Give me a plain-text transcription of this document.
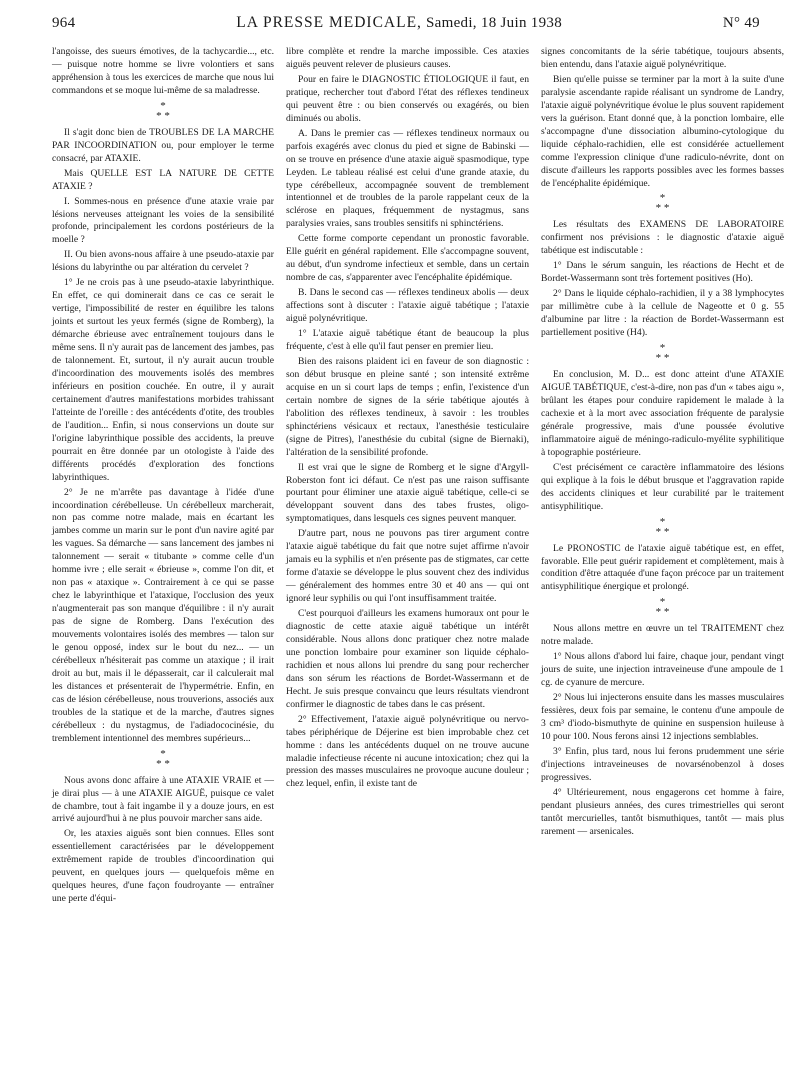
964	LA PRESSE MEDICALE, Samedi, 18 Juin 1938	N° 49

l'angoisse, des sueurs émotives, de la tachycardie..., etc. — puisque notre homme se livre volontiers et sans appréhension à tous les exercices de marche que nous lui commandons et se moque lui-même de sa maladresse.

*
* *

Il s'agit donc bien de TROUBLES DE LA MARCHE PAR INCOORDINATION ou, pour employer le terme consacré, par ATAXIE.

Mais QUELLE EST LA NATURE DE CETTE ATAXIE ?

I. Sommes-nous en présence d'une ataxie vraie par lésions nerveuses atteignant les voies de la sensibilité profonde, principalement les cordons postérieurs de la moelle ?

II. Ou bien avons-nous affaire à une pseudo-ataxie par lésions du labyrinthe ou par altération du cervelet ?

1° Je ne crois pas à une pseudo-ataxie labyrinthique. En effet, ce qui dominerait dans ce cas ce serait le vertige, l'impossibilité de rester en équilibre les talons joints et surtout les yeux fermés (signe de Romberg), la démarche ébrieuse avec entraînement toujours dans le même sens. Il n'y aurait pas de lancement des jambes, pas de talonnement. Et, surtout, il n'y aurait aucun trouble d'incoordination des mouvements isolés des membres inférieurs en position couchée. En outre, il y aurait certainement d'autres manifestations morbides trahissant l'atteinte de l'oreille : des antécédents d'otite, des troubles de l'audition... Enfin, si nous conservions un doute sur l'origine labyrinthique possible des accidents, la preuve pourrait en être donnée par un otologiste à l'aide des différents procédés d'exploration des fonctions labyrinthiques.

2° Je ne m'arrête pas davantage à l'idée d'une incoordination cérébelleuse. Un cérébelleux marcherait, non pas comme notre malade, mais en écartant les jambes comme un marin sur le pont d'un navire agité par les vagues. Sa démarche — sans lancement des jambes ni talonnement — serait « titubante » comme celle d'un homme ivre ; elle serait « ébrieuse », comme l'on dit, et non pas « ataxique ». Contrairement à ce qui se passe chez le labyrinthique et l'ataxique, l'occlusion des yeux n'augmenterait pas son manque d'équilibre : il n'y aurait pas de signe de Romberg. Dans l'exécution des mouvements volontaires isolés des membres — talon sur le genou opposé, index sur le bout du nez... — un cérébelleux n'hésiterait pas comme un ataxique ; il irait droit au but, mais il le dépasserait, car il calculerait mal les distances et présenterait de l'hypermétrie. Enfin, en cas de lésion cérébelleuse, nous trouverions, associés aux troubles de la statique et de la marche, d'autres signes cérébelleux : du nystagmus, de l'adiadococinésie, du tremblement intentionnel des membres supérieurs...

*
* *

Nous avons donc affaire à une ATAXIE VRAIE et — je dirai plus — à une ATAXIE AIGUË, puisque ce valet de chambre, tout à fait ingambe il y a douze jours, en est arrivé aujourd'hui à ne plus pouvoir marcher sans aide.

Or, les ataxies aiguës sont bien connues. Elles sont essentiellement caractérisées par le développement extrêmement rapide de troubles d'incoordination qui peuvent, en quelques jours — quelquefois même en quelques heures, d'une façon foudroyante — entraîner une perte d'équi-

libre complète et rendre la marche impossible. Ces ataxies aiguës peuvent relever de plusieurs causes.

Pour en faire le DIAGNOSTIC ÉTIOLOGIQUE il faut, en pratique, rechercher tout d'abord l'état des réflexes tendineux qui peuvent être : ou bien conservés ou exagérés, ou bien diminués ou abolis.

A. Dans le premier cas — réflexes tendineux normaux ou parfois exagérés avec clonus du pied et signe de Babinski — on se trouve en présence d'une ataxie aiguë spasmodique, type Leyden. Le tableau réalisé est celui d'une grande ataxie, du type cérébelleux, accompagnée souvent de tremblement intentionnel et de troubles de la parole rappelant ceux de la sclérose en plaques, fréquemment de nystagmus, sans paralysies vraies, sans troubles sensitifs ni sphinctériens.

Cette forme comporte cependant un pronostic favorable. Elle guérit en général rapidement. Elle s'accompagne souvent, au début, d'un syndrome infectieux et semble, dans un certain nombre de cas, s'apparenter avec l'encéphalite épidémique.

B. Dans le second cas — réflexes tendineux abolis — deux affections sont à discuter : l'ataxie aiguë tabétique ; l'ataxie aiguë polynévritique.

1° L'ataxie aiguë tabétique étant de beaucoup la plus fréquente, c'est à elle qu'il faut penser en premier lieu.

Bien des raisons plaident ici en faveur de son diagnostic : son début brusque en pleine santé ; son intensité extrême acquise en un si court laps de temps ; enfin, l'existence d'un certain nombre de signes de la série tabétique ajoutés à l'abolition des réflexes tendineux, à savoir : les troubles sphinctériens vésicaux et rectaux, l'anesthésie testiculaire (signe de Pitres), l'anesthésie du cubital (signe de Biernaki), l'altération de la sensibilité profonde.

Il est vrai que le signe de Romberg et le signe d'Argyll-Roberston font ici défaut. Ce n'est pas une raison suffisante pourtant pour éliminer une ataxie aiguë tabétique, celle-ci se développant souvent dans des tabes frustes, oligo-symptomatiques, dans lesquels ces signes peuvent manquer.

D'autre part, nous ne pouvons pas tirer argument contre l'ataxie aiguë tabétique du fait que notre sujet affirme n'avoir jamais eu la syphilis et n'en présente pas de stigmates, car cette forme d'ataxie se développe le plus souvent chez des individus — généralement des hommes entre 30 et 40 ans — qui ont ignoré leur syphilis ou qui l'ont insuffisamment traitée.

C'est pourquoi d'ailleurs les examens humoraux ont pour le diagnostic de cette ataxie aiguë tabétique un intérêt considérable. Nous allons donc pratiquer chez notre malade une ponction lombaire pour examiner son liquide céphalo-rachidien et nous allons lui prendre du sang pour rechercher dans son sérum les réactions de Bordet-Wassermann et de Hecht. Je suis presque convaincu que leurs résultats viendront confirmer le diagnostic de tabes dans le cas présent.

2° Effectivement, l'ataxie aiguë polynévritique ou nervo-tabes périphérique de Déjerine est bien improbable chez cet homme : dans les antécédents duquel on ne trouve aucune maladie infectieuse récente ni aucune intoxication; chez qui la pression des masses musculaires ne provoque aucune douleur ; chez lequel, enfin, il existe tant de

signes concomitants de la série tabétique, toujours absents, bien entendu, dans l'ataxie aiguë polynévritique.

Bien qu'elle puisse se terminer par la mort à la suite d'une paralysie ascendante rapide réalisant un syndrome de Landry, l'ataxie aiguë polynévritique évolue le plus souvent rapidement vers la guérison. Etant donné que, à la ponction lombaire, elle s'accompagne d'une dissociation albumino-cytologique du liquide céphalo-rachidien, elle est considérée actuellement comme l'expression clinique d'une radiculo-névrite, dont on discute d'ailleurs les rapports possibles avec les formes basses de l'encéphalite épidémique.

*
* *

Les résultats des EXAMENS DE LABORATOIRE confirment nos prévisions : le diagnostic d'ataxie aiguë tabétique est indiscutable :

1° Dans le sérum sanguin, les réactions de Hecht et de Bordet-Wassermann sont très fortement positives (Ho).

2° Dans le liquide céphalo-rachidien, il y a 38 lymphocytes par millimètre cube à la cellule de Nageotte et 0 g. 55 d'albumine par litre : la réaction de Bordet-Wassermann est partiellement positive (H4).

*
* *

En conclusion, M. D... est donc atteint d'une ATAXIE AIGUË TABÉTIQUE, c'est-à-dire, non pas d'un « tabes aigu », brûlant les étapes pour conduire rapidement le malade à la cachexie et à la mort avec association fréquente de paralysie générale progressive, mais d'une poussée évolutive inflammatoire aiguë de méningo-radiculo-myélite syphilitique à topographie postérieure.

C'est précisément ce caractère inflammatoire des lésions qui explique à la fois le début brusque et l'aggravation rapide des accidents cliniques et leur curabilité par le traitement antisyphilitique.

*
* *

Le PRONOSTIC de l'ataxie aiguë tabétique est, en effet, favorable. Elle peut guérir rapidement et complètement, mais à condition d'être attaquée d'une façon précoce par un traitement antisyphilitique énergique et prolongé.

*
* *

Nous allons mettre en œuvre un tel TRAITEMENT chez notre malade.

1° Nous allons d'abord lui faire, chaque jour, pendant vingt jours de suite, une injection intraveineuse d'une ampoule de 1 cg. de cyanure de mercure.

2° Nous lui injecterons ensuite dans les masses musculaires fessières, deux fois par semaine, le contenu d'une ampoule de 3 cm³ d'iodo-bismuthyte de quinine en suspension huileuse à 10 pour 100. Nous ferons ainsi 12 injections semblables.

3° Enfin, plus tard, nous lui ferons prudemment une série d'injections intraveineuses de novarsénobenzol à doses progressives.

4° Ultérieurement, nous engagerons cet homme à faire, pendant plusieurs années, des cures trimestrielles qui seront tantôt mercurielles, tantôt bismuthiques, tantôt — mais plus rarement — arsenicales.
